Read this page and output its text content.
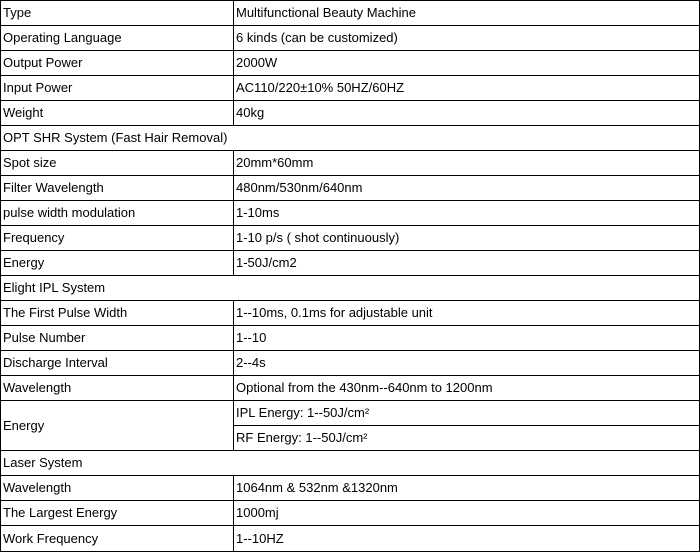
Type	Multifunctional Beauty Machine
Operating Language	6 kinds (can be customized)
Output Power	2000W
Input Power	AC110/220±10% 50HZ/60HZ
Weight	40kg
OPT SHR System (Fast Hair Removal)	
Spot size	20mm*60mm
Filter Wavelength	480nm/530nm/640nm
pulse width modulation	1-10ms
Frequency	1-10 p/s ( shot continuously)
Energy	1-50J/cm2
Elight IPL System	
The First Pulse Width	1--10ms, 0.1ms for adjustable unit
Pulse Number	1--10
Discharge Interval	2--4s
Wavelength	Optional from the 430nm--640nm to 1200nm
Energy	IPL Energy: 1--50J/cm²
	RF Energy: 1--50J/cm²
Laser System	
Wavelength	1064nm & 532nm &1320nm
The Largest Energy	1000mj
Work Frequency	1--10HZ
